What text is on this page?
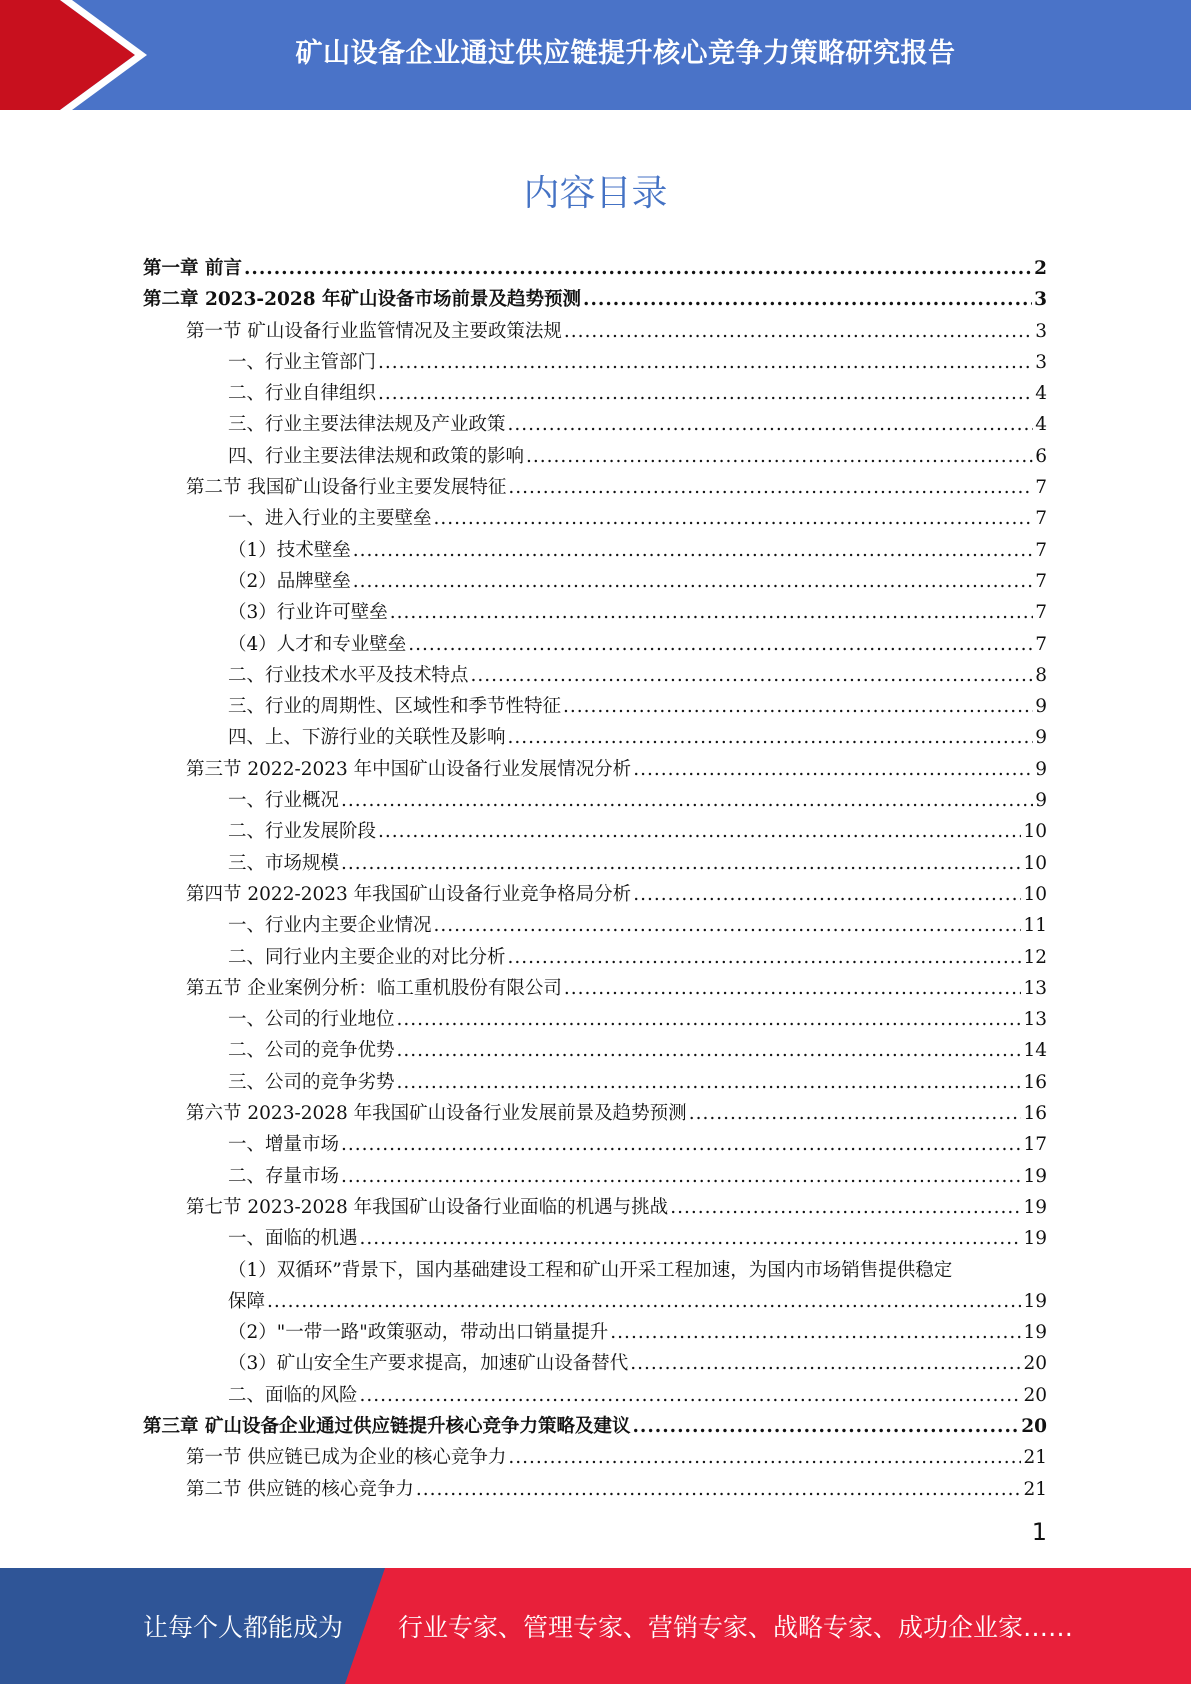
矿山设备企业通过供应链提升核心竞争力策略研究报告
内容目录
第一章 前言 .....	2
第二章 2023-2028 年矿山设备市场前景及趋势预测 .....	3
第一节 矿山设备行业监管情况及主要政策法规 .....	3
一、行业主管部门 .....	3
二、行业自律组织 .....	4
三、行业主要法律法规及产业政策 .....	4
四、行业主要法律法规和政策的影响 .....	6
第二节 我国矿山设备行业主要发展特征 .....	7
一、进入行业的主要壁垒 .....	7
（1）技术壁垒 .....	7
（2）品牌壁垒 .....	7
（3）行业许可壁垒 .....	7
（4）人才和专业壁垒 .....	7
二、行业技术水平及技术特点 .....	8
三、行业的周期性、区域性和季节性特征 .....	9
四、上、下游行业的关联性及影响 .....	9
第三节 2022-2023 年中国矿山设备行业发展情况分析 .....	9
一、行业概况 .....	9
二、行业发展阶段 .....	10
三、市场规模 .....	10
第四节 2022-2023 年我国矿山设备行业竞争格局分析 .....	10
一、行业内主要企业情况 .....	11
二、同行业内主要企业的对比分析 .....	12
第五节 企业案例分析：临工重机股份有限公司 .....	13
一、公司的行业地位 .....	13
二、公司的竞争优势 .....	14
三、公司的竞争劣势 .....	16
第六节 2023-2028 年我国矿山设备行业发展前景及趋势预测 .....	16
一、增量市场 .....	17
二、存量市场 .....	19
第七节 2023-2028 年我国矿山设备行业面临的机遇与挑战 .....	19
一、面临的机遇 .....	19
（1）双循环”背景下，国内基础建设工程和矿山开采工程加速，为国内市场销售提供稳定
保障 .....	19
（2）"一带一路"政策驱动，带动出口销量提升 .....	19
（3）矿山安全生产要求提高，加速矿山设备替代 .....	20
二、面临的风险 .....	20
第三章 矿山设备企业通过供应链提升核心竞争力策略及建议 .....	20
第一节 供应链已成为企业的核心竞争力 .....	21
第二节 供应链的核心竞争力 .....	21
1
让每个人都能成为 行业专家、管理专家、营销专家、战略专家、成功企业家……
